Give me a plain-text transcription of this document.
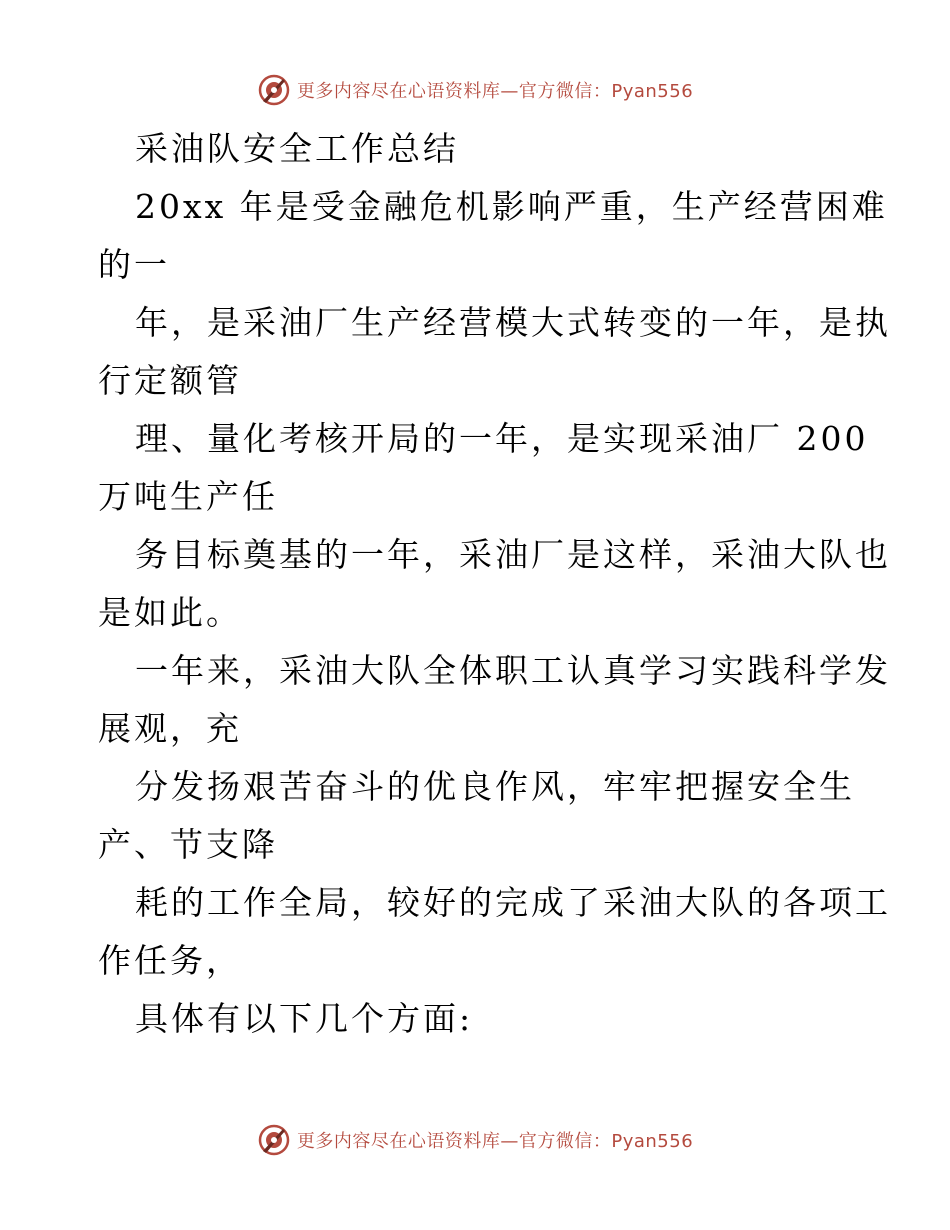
更多内容尽在心语资料库—官方微信：Pyan556
采油队安全工作总结
20xx 年是受金融危机影响严重，生产经营困难
的一
年，是采油厂生产经营模大式转变的一年，是执
行定额管
理、量化考核开局的一年，是实现采油厂 200
万吨生产任
务目标奠基的一年，采油厂是这样，采油大队也
是如此。
一年来，采油大队全体职工认真学习实践科学发
展观，充
分发扬艰苦奋斗的优良作风，牢牢把握安全生
产、节支降
耗的工作全局，较好的完成了采油大队的各项工
作任务，
具体有以下几个方面:
更多内容尽在心语资料库—官方微信：Pyan556
